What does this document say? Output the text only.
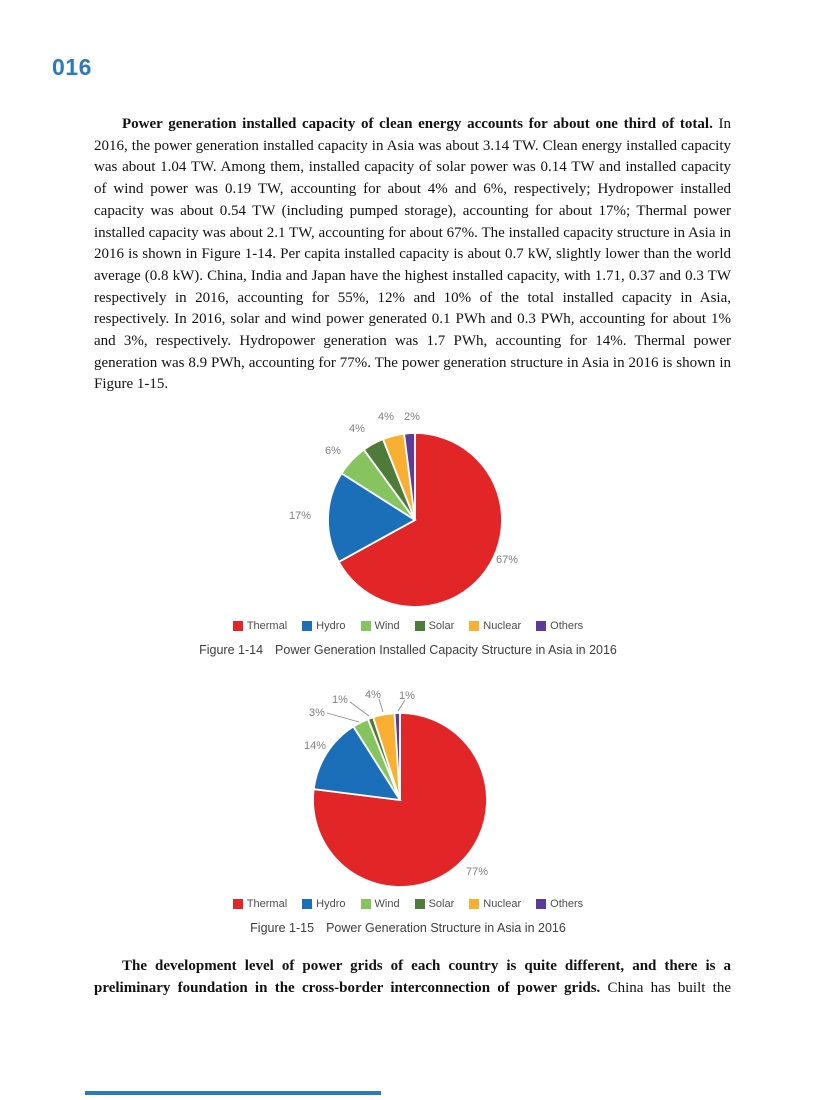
016

Power generation installed capacity of clean energy accounts for about one third of total. In 2016, the power generation installed capacity in Asia was about 3.14 TW. Clean energy installed capacity was about 1.04 TW. Among them, installed capacity of solar power was 0.14 TW and installed capacity of wind power was 0.19 TW, accounting for about 4% and 6%, respectively; Hydropower installed capacity was about 0.54 TW (including pumped storage), accounting for about 17%; Thermal power installed capacity was about 2.1 TW, accounting for about 67%. The installed capacity structure in Asia in 2016 is shown in Figure 1-14. Per capita installed capacity is about 0.7 kW, slightly lower than the world average (0.8 kW). China, India and Japan have the highest installed capacity, with 1.71, 0.37 and 0.3 TW respectively in 2016, accounting for 55%, 12% and 10% of the total installed capacity in Asia, respectively. In 2016, solar and wind power generated 0.1 PWh and 0.3 PWh, accounting for about 1% and 3%, respectively. Hydropower generation was 1.7 PWh, accounting for 14%. Thermal power generation was 8.9 PWh, accounting for 77%. The power generation structure in Asia in 2016 is shown in Figure 1-15.

67%
17%
6%
4%
4% 2%
Thermal	Hydro	Wind	Solar	Nuclear	Others
Figure 1-14 Power Generation Installed Capacity Structure in Asia in 2016
77%
14%
3%
1% 4% 1%
Thermal	Hydro	Wind	Solar	Nuclear	Others
Figure 1-15 Power Generation Structure in Asia in 2016

The development level of power grids of each country is quite different, and there is a preliminary foundation in the cross-border interconnection of power grids. China has built the
